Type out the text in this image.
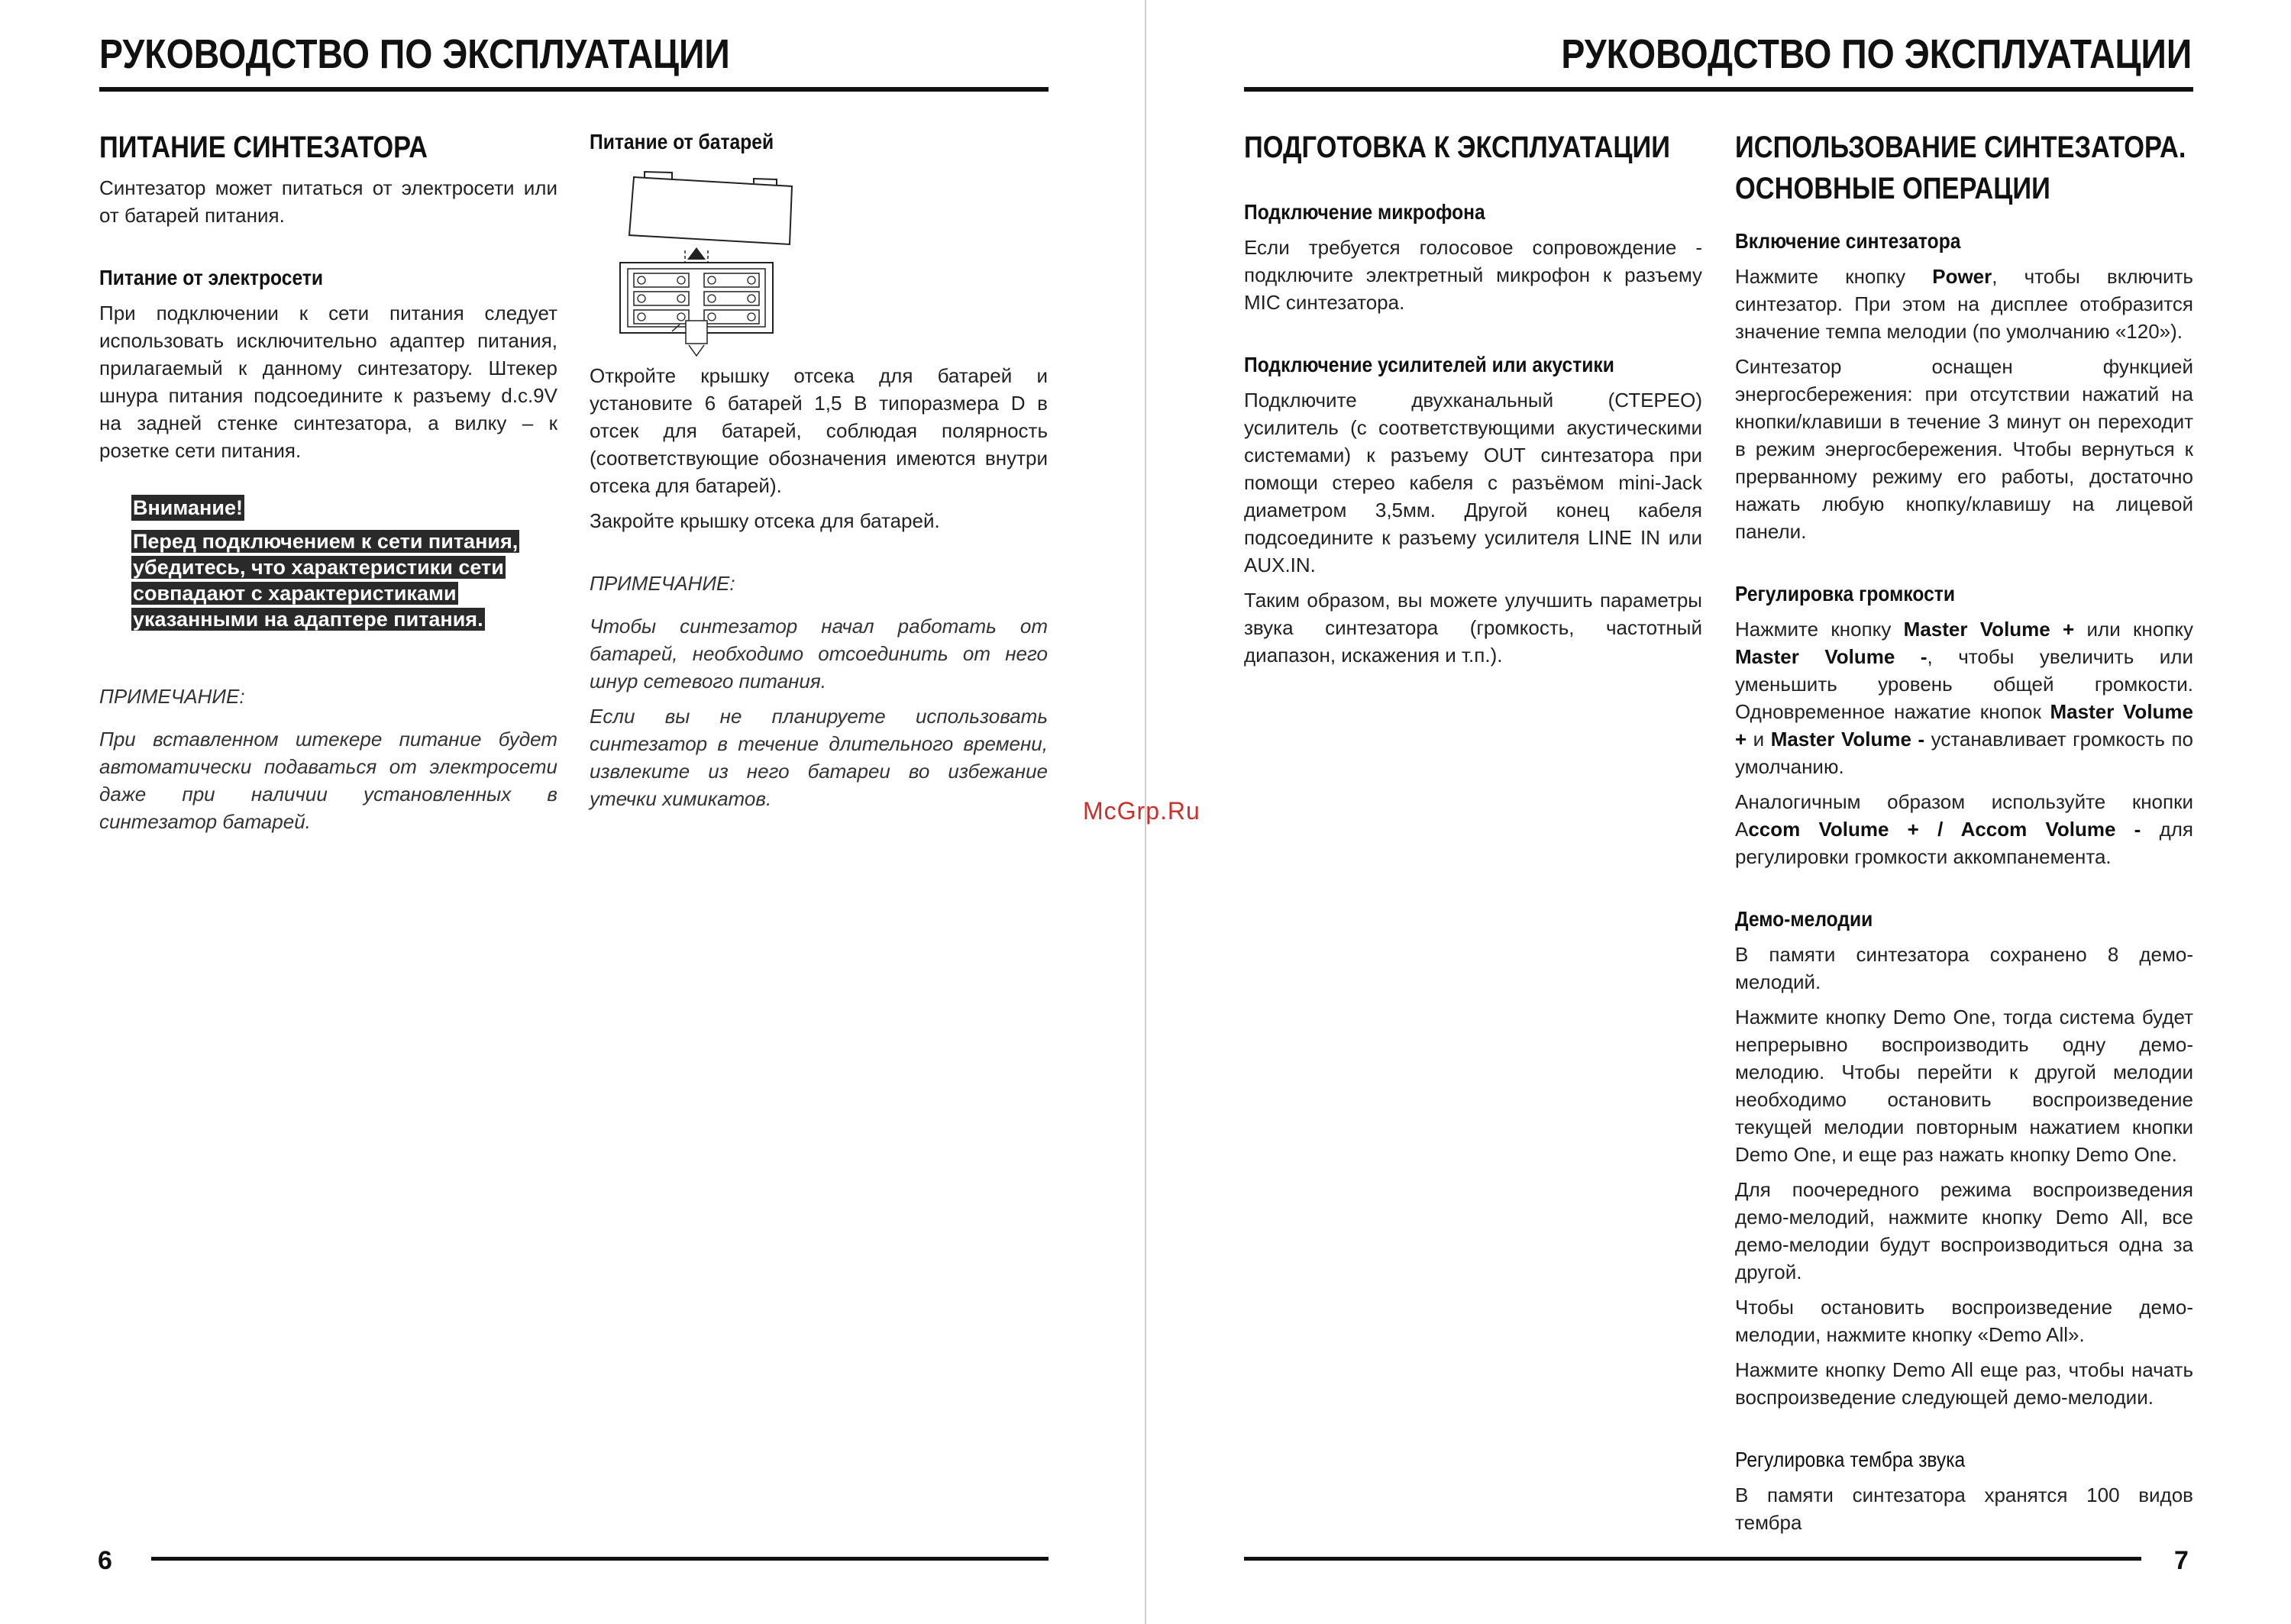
РУКОВОДСТВО ПО ЭКСПЛУАТАЦИИ
ПИТАНИЕ СИНТЕЗАТОРА

Синтезатор может питаться от электросети или от батарей питания.

Питание от электросети

При подключении к сети питания следует использовать исключительно адаптер питания, прилагаемый к данному синтезатору. Штекер шнура питания подсоедините к разъему d.c.9V на задней стенке синтезатора, а вилку – к розетке сети питания.

Внимание!
Перед подключением к сети питания, убедитесь, что характеристики сети совпадают с характеристиками указанными на адаптере питания.

ПРИМЕЧАНИЕ:

При вставленном штекере питание будет автоматически подаваться от электросети даже при наличии установленных в синтезатор батарей.

Питание от батарей

Откройте крышку отсека для батарей и установите 6 батарей 1,5 В типоразмера D в отсек для батарей, соблюдая полярность (соответствующие обозначения имеются внутри отсека для батарей).

Закройте крышку отсека для батарей.

ПРИМЕЧАНИЕ:

Чтобы синтезатор начал работать от батарей, необходимо отсоединить от него шнур сетевого питания.

Если вы не планируете использовать синтезатор в течение длительного времени, извлеките из него батареи во избежание утечки химикатов.

6
РУКОВОДСТВО ПО ЭКСПЛУАТАЦИИ
ПОДГОТОВКА К ЭКСПЛУАТАЦИИ
Подключение микрофона

Если требуется голосовое сопровождение - подключите электретный микрофон к разъему MIC синтезатора.

Подключение усилителей или акустики

Подключите двухканальный (СТЕРЕО) усилитель (с соответствующими акустическими системами) к разъему OUT синтезатора при помощи стерео кабеля с разъёмом mini-Jack диаметром 3,5мм. Другой конец кабеля подсоедините к разъему усилителя LINE IN или AUX.IN.

Таким образом, вы можете улучшить параметры звука синтезатора (громкость, частотный диапазон, искажения и т.п.).

ИСПОЛЬЗОВАНИЕ СИНТЕЗАТОРА.
ОСНОВНЫЕ ОПЕРАЦИИ
Включение синтезатора

Нажмите кнопку Power, чтобы включить синтезатор. При этом на дисплее отобразится значение темпа мелодии (по умолчанию «120»).

Синтезатор оснащен функцией энергосбережения: при отсутствии нажатий на кнопки/клавиши в течение 3 минут он переходит в режим энергосбережения. Чтобы вернуться к прерванному режиму его работы, достаточно нажать любую кнопку/клавишу на лицевой панели.

Регулировка громкости

Нажмите кнопку Master Volume + или кнопку Master Volume -, чтобы увеличить или уменьшить уровень общей громкости. Одновременное нажатие кнопок Master Volume + и Master Volume - устанавливает громкость по умолчанию.

Аналогичным образом используйте кнопки Аccom Volume + / Accom Volume - для регулировки громкости аккомпанемента.

Демо-мелодии

В памяти синтезатора сохранено 8 демо-мелодий.

Нажмите кнопку Demo One, тогда система будет непрерывно воспроизводить одну демо-мелодию. Чтобы перейти к другой мелодии необходимо остановить воспроизведение текущей мелодии повторным нажатием кнопки Demo One, и еще раз нажать кнопку Demo One.

Для поочередного режима воспроизведения демо-мелодий, нажмите кнопку Demo All, все демо-мелодии будут воспроизводиться одна за другой.

Чтобы остановить воспроизведение демо-мелодии, нажмите кнопку «Demo All».

Нажмите кнопку Demo All еще раз, чтобы начать воспроизведение следующей демо-мелодии.

Регулировка тембра звука

В памяти синтезатора хранятся 100 видов тембра

7
McGrp.Ru
